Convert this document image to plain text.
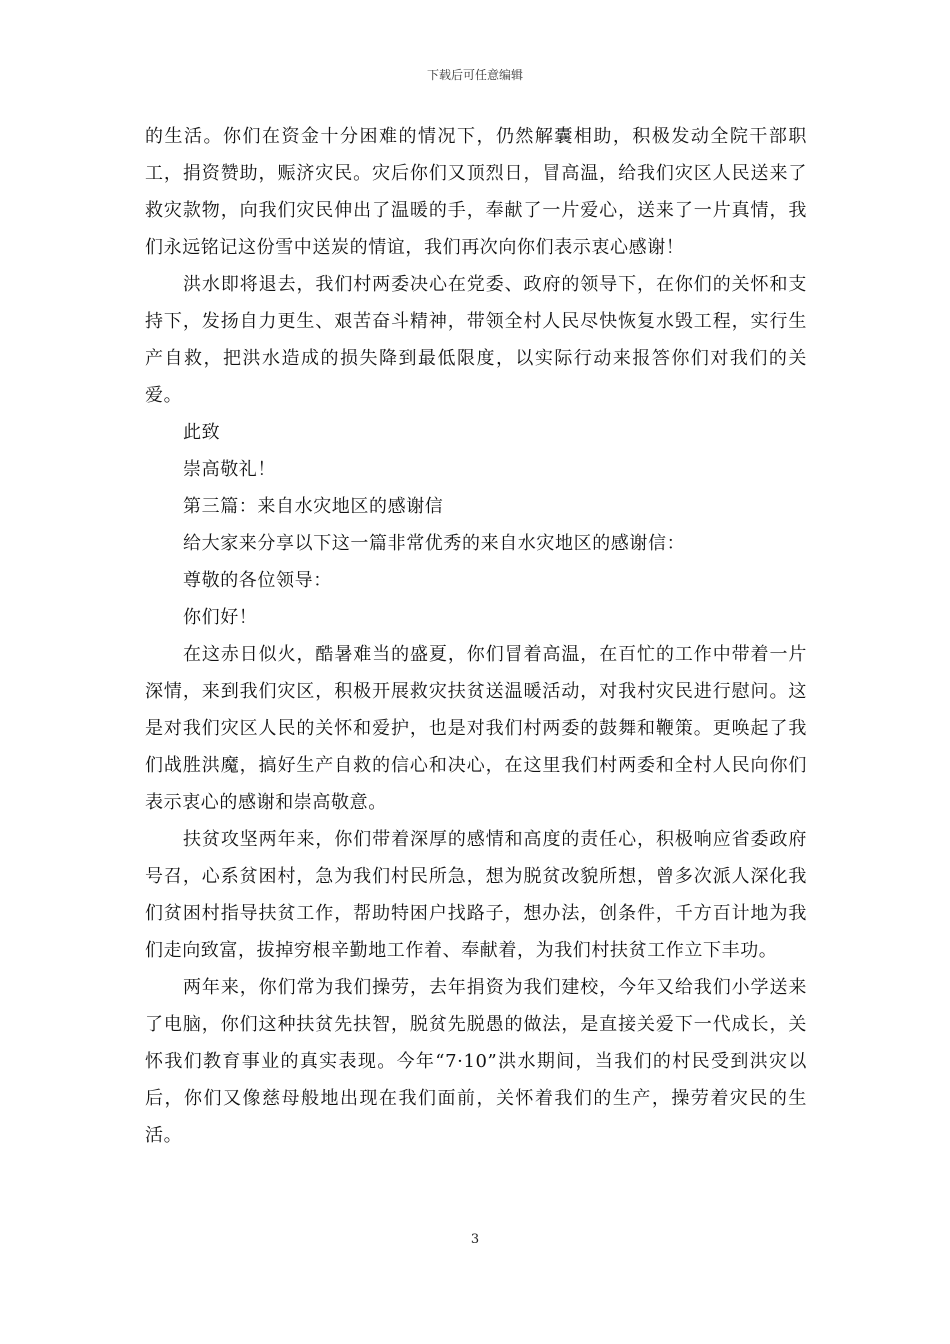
下载后可任意编辑

的生活。你们在资金十分困难的情况下，仍然解囊相助，积极发动全院干部职工，捐资赞助，赈济灾民。灾后你们又顶烈日，冒高温，给我们灾区人民送来了救灾款物，向我们灾民伸出了温暖的手，奉献了一片爱心，送来了一片真情，我们永远铭记这份雪中送炭的情谊，我们再次向你们表示衷心感谢！

洪水即将退去，我们村两委决心在党委、政府的领导下，在你们的关怀和支持下，发扬自力更生、艰苦奋斗精神，带领全村人民尽快恢复水毁工程，实行生产自救，把洪水造成的损失降到最低限度，以实际行动来报答你们对我们的关爱。

此致

崇高敬礼！

第三篇：来自水灾地区的感谢信

给大家来分享以下这一篇非常优秀的来自水灾地区的感谢信：

尊敬的各位领导：

你们好！

在这赤日似火，酷暑难当的盛夏，你们冒着高温，在百忙的工作中带着一片深情，来到我们灾区，积极开展救灾扶贫送温暖活动，对我村灾民进行慰问。这是对我们灾区人民的关怀和爱护，也是对我们村两委的鼓舞和鞭策。更唤起了我们战胜洪魔，搞好生产自救的信心和决心，在这里我们村两委和全村人民向你们表示衷心的感谢和崇高敬意。

扶贫攻坚两年来，你们带着深厚的感情和高度的责任心，积极响应省委政府号召，心系贫困村，急为我们村民所急，想为脱贫改貌所想，曾多次派人深化我们贫困村指导扶贫工作，帮助特困户找路子，想办法，创条件，千方百计地为我们走向致富，拔掉穷根辛勤地工作着、奉献着，为我们村扶贫工作立下丰功。

两年来，你们常为我们操劳，去年捐资为我们建校，今年又给我们小学送来了电脑，你们这种扶贫先扶智，脱贫先脱愚的做法，是直接关爱下一代成长，关怀我们教育事业的真实表现。今年“7·10”洪水期间，当我们的村民受到洪灾以后，你们又像慈母般地出现在我们面前，关怀着我们的生产，操劳着灾民的生活。

3
